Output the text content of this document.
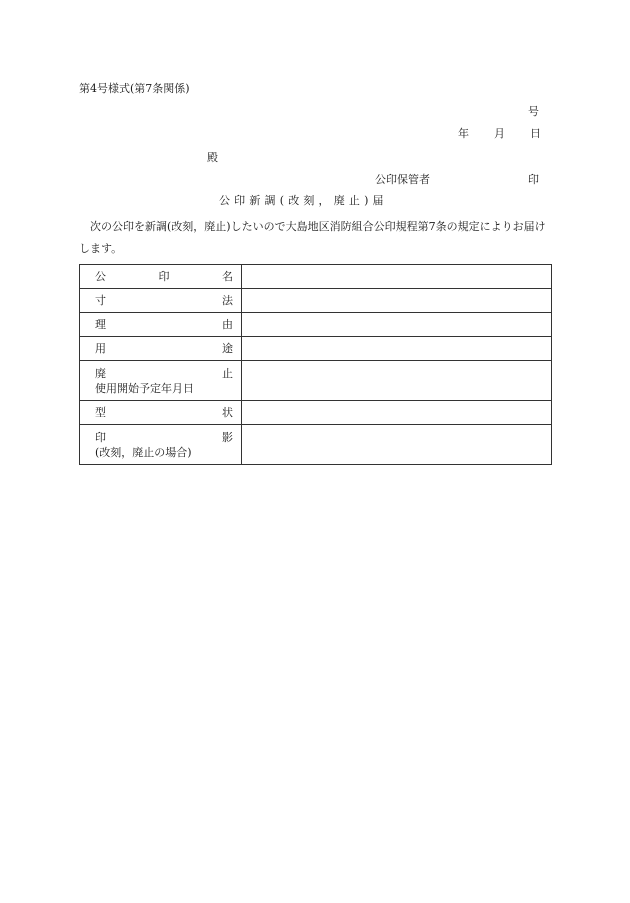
第4号様式(第7条関係)
号
年 月 日
殿
公印保管者	印
公印新調(改刻，廃止)届
次の公印を新調(改刻，廃止)したいので大島地区消防組合公印規程第7条の規定によりお届けします。
公 印 名	

寸 法	

理 由	

用 途	

廃 止
使用開始予定年月日	

型 状	

印 影
(改刻，廃止の場合)	
